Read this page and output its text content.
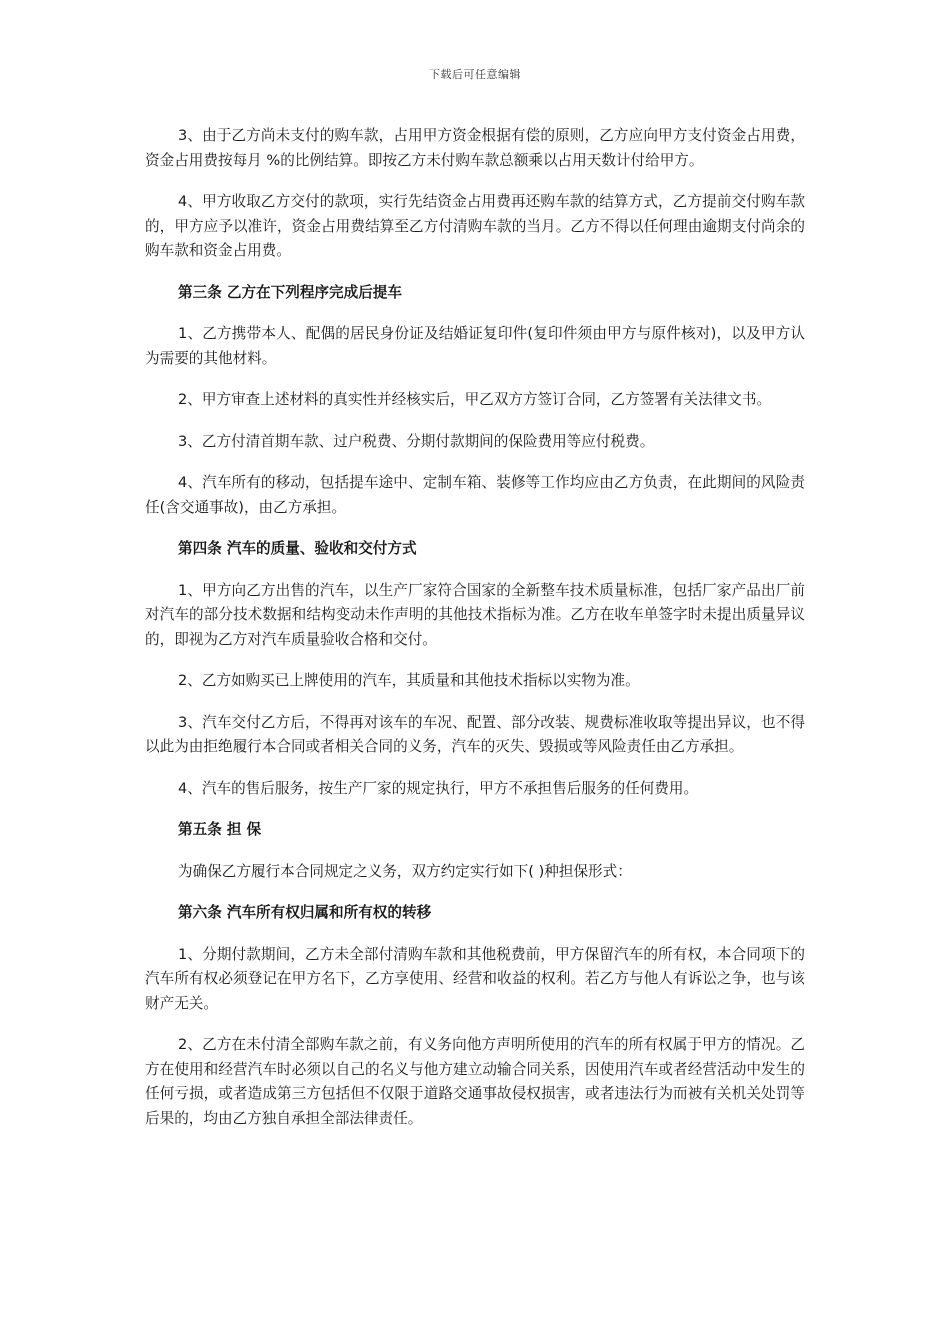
下载后可任意编辑

3、由于乙方尚未支付的购车款，占用甲方资金根据有偿的原则，乙方应向甲方支付资金占用费，资金占用费按每月 %的比例结算。即按乙方未付购车款总额乘以占用天数计付给甲方。

4、甲方收取乙方交付的款项，实行先结资金占用费再还购车款的结算方式，乙方提前交付购车款的，甲方应予以准许，资金占用费结算至乙方付清购车款的当月。乙方不得以任何理由逾期支付尚余的购车款和资金占用费。

第三条 乙方在下列程序完成后提车

1、乙方携带本人、配偶的居民身份证及结婚证复印件(复印件须由甲方与原件核对)，以及甲方认为需要的其他材料。

2、甲方审查上述材料的真实性并经核实后，甲乙双方方签订合同，乙方签署有关法律文书。

3、乙方付清首期车款、过户税费、分期付款期间的保险费用等应付税费。

4、汽车所有的移动，包括提车途中、定制车箱、装修等工作均应由乙方负责，在此期间的风险责任(含交通事故)，由乙方承担。

第四条 汽车的质量、验收和交付方式

1、甲方向乙方出售的汽车，以生产厂家符合国家的全新整车技术质量标准，包括厂家产品出厂前对汽车的部分技术数据和结构变动未作声明的其他技术指标为准。乙方在收车单签字时未提出质量异议的，即视为乙方对汽车质量验收合格和交付。

2、乙方如购买已上牌使用的汽车，其质量和其他技术指标以实物为准。

3、汽车交付乙方后，不得再对该车的车况、配置、部分改装、规费标准收取等提出异议，也不得以此为由拒绝履行本合同或者相关合同的义务，汽车的灭失、毁损或等风险责任由乙方承担。

4、汽车的售后服务，按生产厂家的规定执行，甲方不承担售后服务的任何费用。

第五条 担 保

为确保乙方履行本合同规定之义务，双方约定实行如下( )种担保形式：

第六条 汽车所有权归属和所有权的转移

1、分期付款期间，乙方未全部付清购车款和其他税费前，甲方保留汽车的所有权，本合同项下的汽车所有权必须登记在甲方名下，乙方享使用、经营和收益的权利。若乙方与他人有诉讼之争，也与该财产无关。

2、乙方在未付清全部购车款之前，有义务向他方声明所使用的汽车的所有权属于甲方的情况。乙方在使用和经营汽车时必须以自己的名义与他方建立动输合同关系，因使用汽车或者经营活动中发生的任何亏损，或者造成第三方包括但不仅限于道路交通事故侵权损害，或者违法行为而被有关机关处罚等后果的，均由乙方独自承担全部法律责任。
